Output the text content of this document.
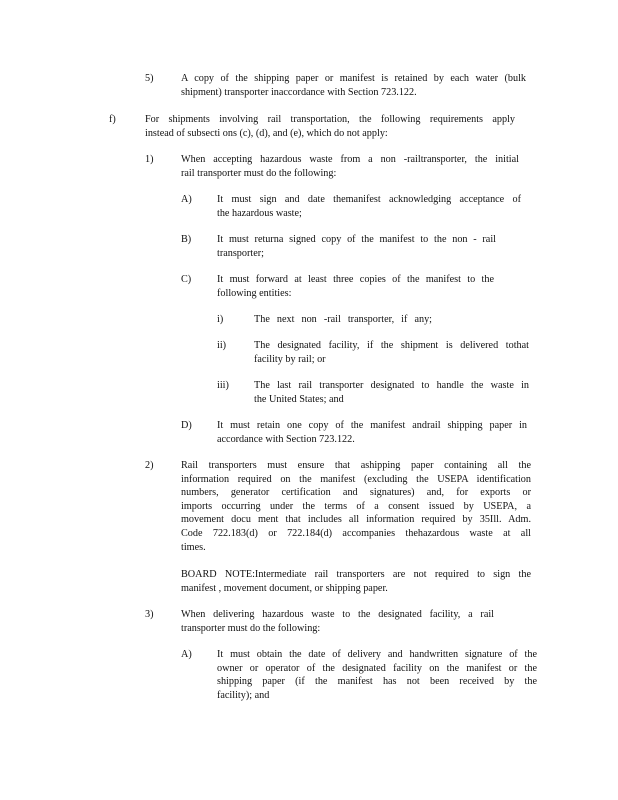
5)	A copy of the shipping paper or manifest is retained by each water (bulk
shipment) transporter inaccordance with Section 723.122.
f)	For shipments involving rail transportation, the following requirements apply
instead of subsecti ons (c), (d), and (e), which do not apply:
1)	When accepting hazardous waste from a non -railtransporter, the initial
rail transporter must do the following:
A) It must sign and date themanifest acknowledging acceptance of
the hazardous waste;
B)	It must returna signed copy of the manifest to the non - rail
transporter;
C)	It must forward at least three copies of the manifest to the
following entities:
i)	The next non -rail transporter, if any;
ii)	The designated facility, if the shipment is delivered tothat
facility by rail; or
iii) The last rail transporter designated to handle the waste in
the United States; and
D) It must retain one copy of the manifest andrail shipping paper in
accordance with Section 723.122.
2)	Rail transporters must ensure that ashipping paper containing all the
information required on the manifest (excluding the USEPA identification
numbers, generator certification and signatures) and, for exports or
imports occurring under the terms of a consent issued by USEPA, a
movement docu ment that includes all information required by 35Ill. Adm.
Code 722.183(d) or 722.184(d) accompanies thehazardous waste at all
times.
BOARD NOTE:Intermediate rail transporters are not required to sign the
manifest , movement document, or shipping paper.
3)	When delivering hazardous waste to the designated facility, a rail
transporter must do the following:
A) It must obtain the date of delivery and handwritten signature of the
owner or operator of the designated facility on the manifest or the
shipping paper (if the manifest has not been received by the
facility); and
